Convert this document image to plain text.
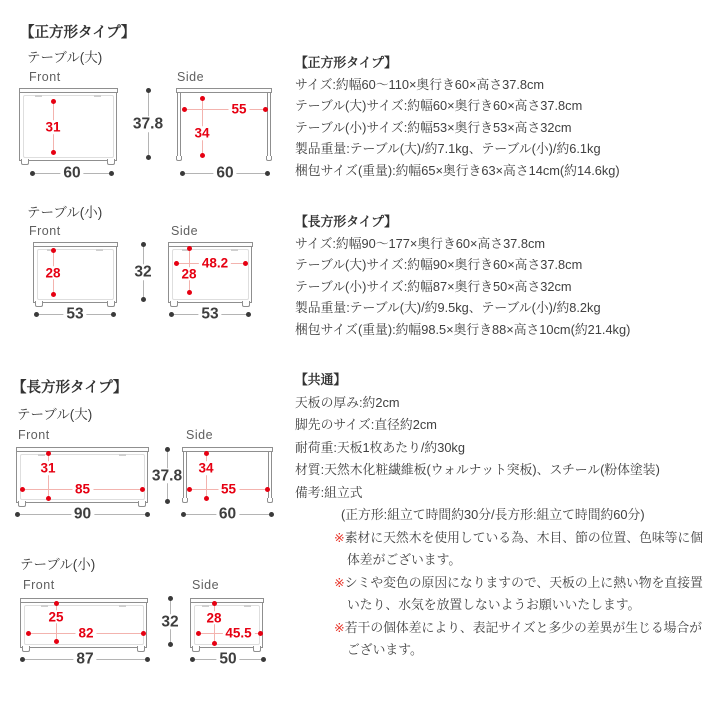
【正方形タイプ】
テーブル(大)
Front	Side
31
60
37.8
55
34
60
テーブル(小)
Front	Side
28
53
32
48.2
28
53
【長方形タイプ】
テーブル(大)
Front	Side
31
85
90
37.8 34
55
60
テーブル(小)
Front	Side
25
82
87
32 28
45.5
50
【正方形タイプ】
サイズ:約幅60〜110×奥行き60×高さ37.8cm
テーブル(大)サイズ:約幅60×奥行き60×高さ37.8cm
テーブル(小)サイズ:約幅53×奥行き53×高さ32cm
製品重量:テーブル(大)/約7.1kg、テーブル(小)/約6.1kg
梱包サイズ(重量):約幅65×奥行き63×高さ14cm(約14.6kg)
【長方形タイプ】
サイズ:約幅90〜177×奥行き60×高さ37.8cm
テーブル(大)サイズ:約幅90×奥行き60×高さ37.8cm
テーブル(小)サイズ:約幅87×奥行き50×高さ32cm
製品重量:テーブル(大)/約9.5kg、テーブル(小)/約8.2kg
梱包サイズ(重量):約幅98.5×奥行き88×高さ10cm(約21.4kg)
【共通】
天板の厚み:約2cm
脚先のサイズ:直径約2cm
耐荷重:天板1枚あたり/約30kg
材質:天然木化粧繊維板(ウォルナット突板)、スチール(粉体塗装)
備考:組立式
(正方形:組立て時間約30分/長方形:組立て時間約60分)
※素材に天然木を使用している為、木目、節の位置、色味等に個
体差がございます。
※シミや変色の原因になりますので、天板の上に熱い物を直接置
いたり、水気を放置しないようお願いいたします。
※若干の個体差により、表記サイズと多少の差異が生じる場合が
ございます。
